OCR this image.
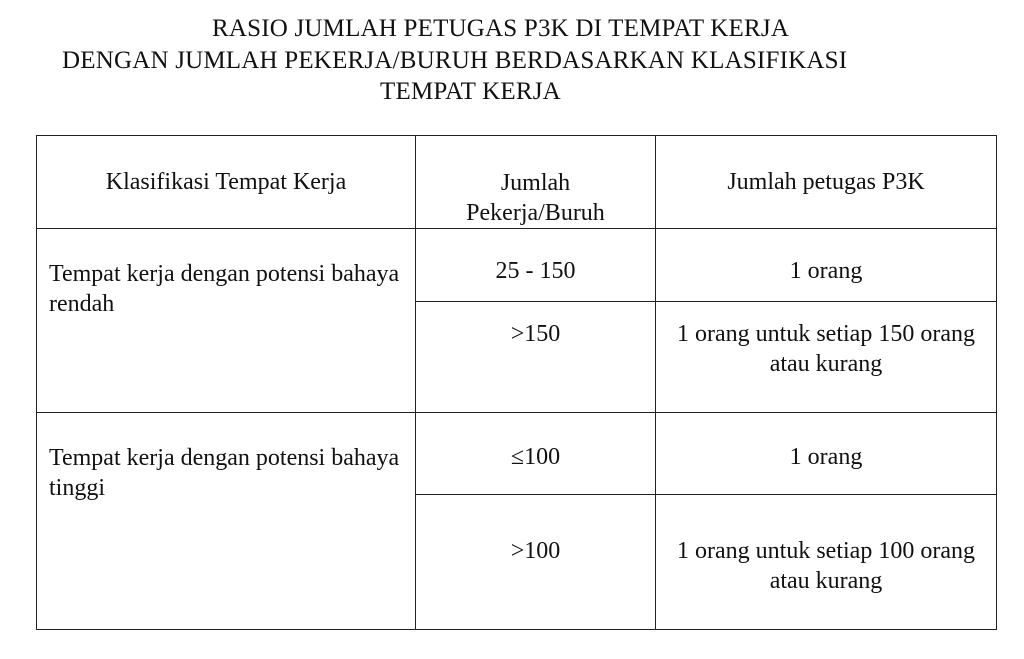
RASIO JUMLAH PETUGAS P3K DI TEMPAT KERJA
DENGAN JUMLAH PEKERJA/BURUH BERDASARKAN KLASIFIKASI
TEMPAT KERJA
Klasifikasi Tempat Kerja	Jumlah Pekerja/Buruh	Jumlah petugas P3K

Tempat kerja dengan potensi bahaya rendah	25 - 150	1 orang

	>150	1 orang untuk setiap 150 orang atau kurang

Tempat kerja dengan potensi bahaya tinggi	≤100	1 orang

	>100	1 orang untuk setiap 100 orang atau kurang
